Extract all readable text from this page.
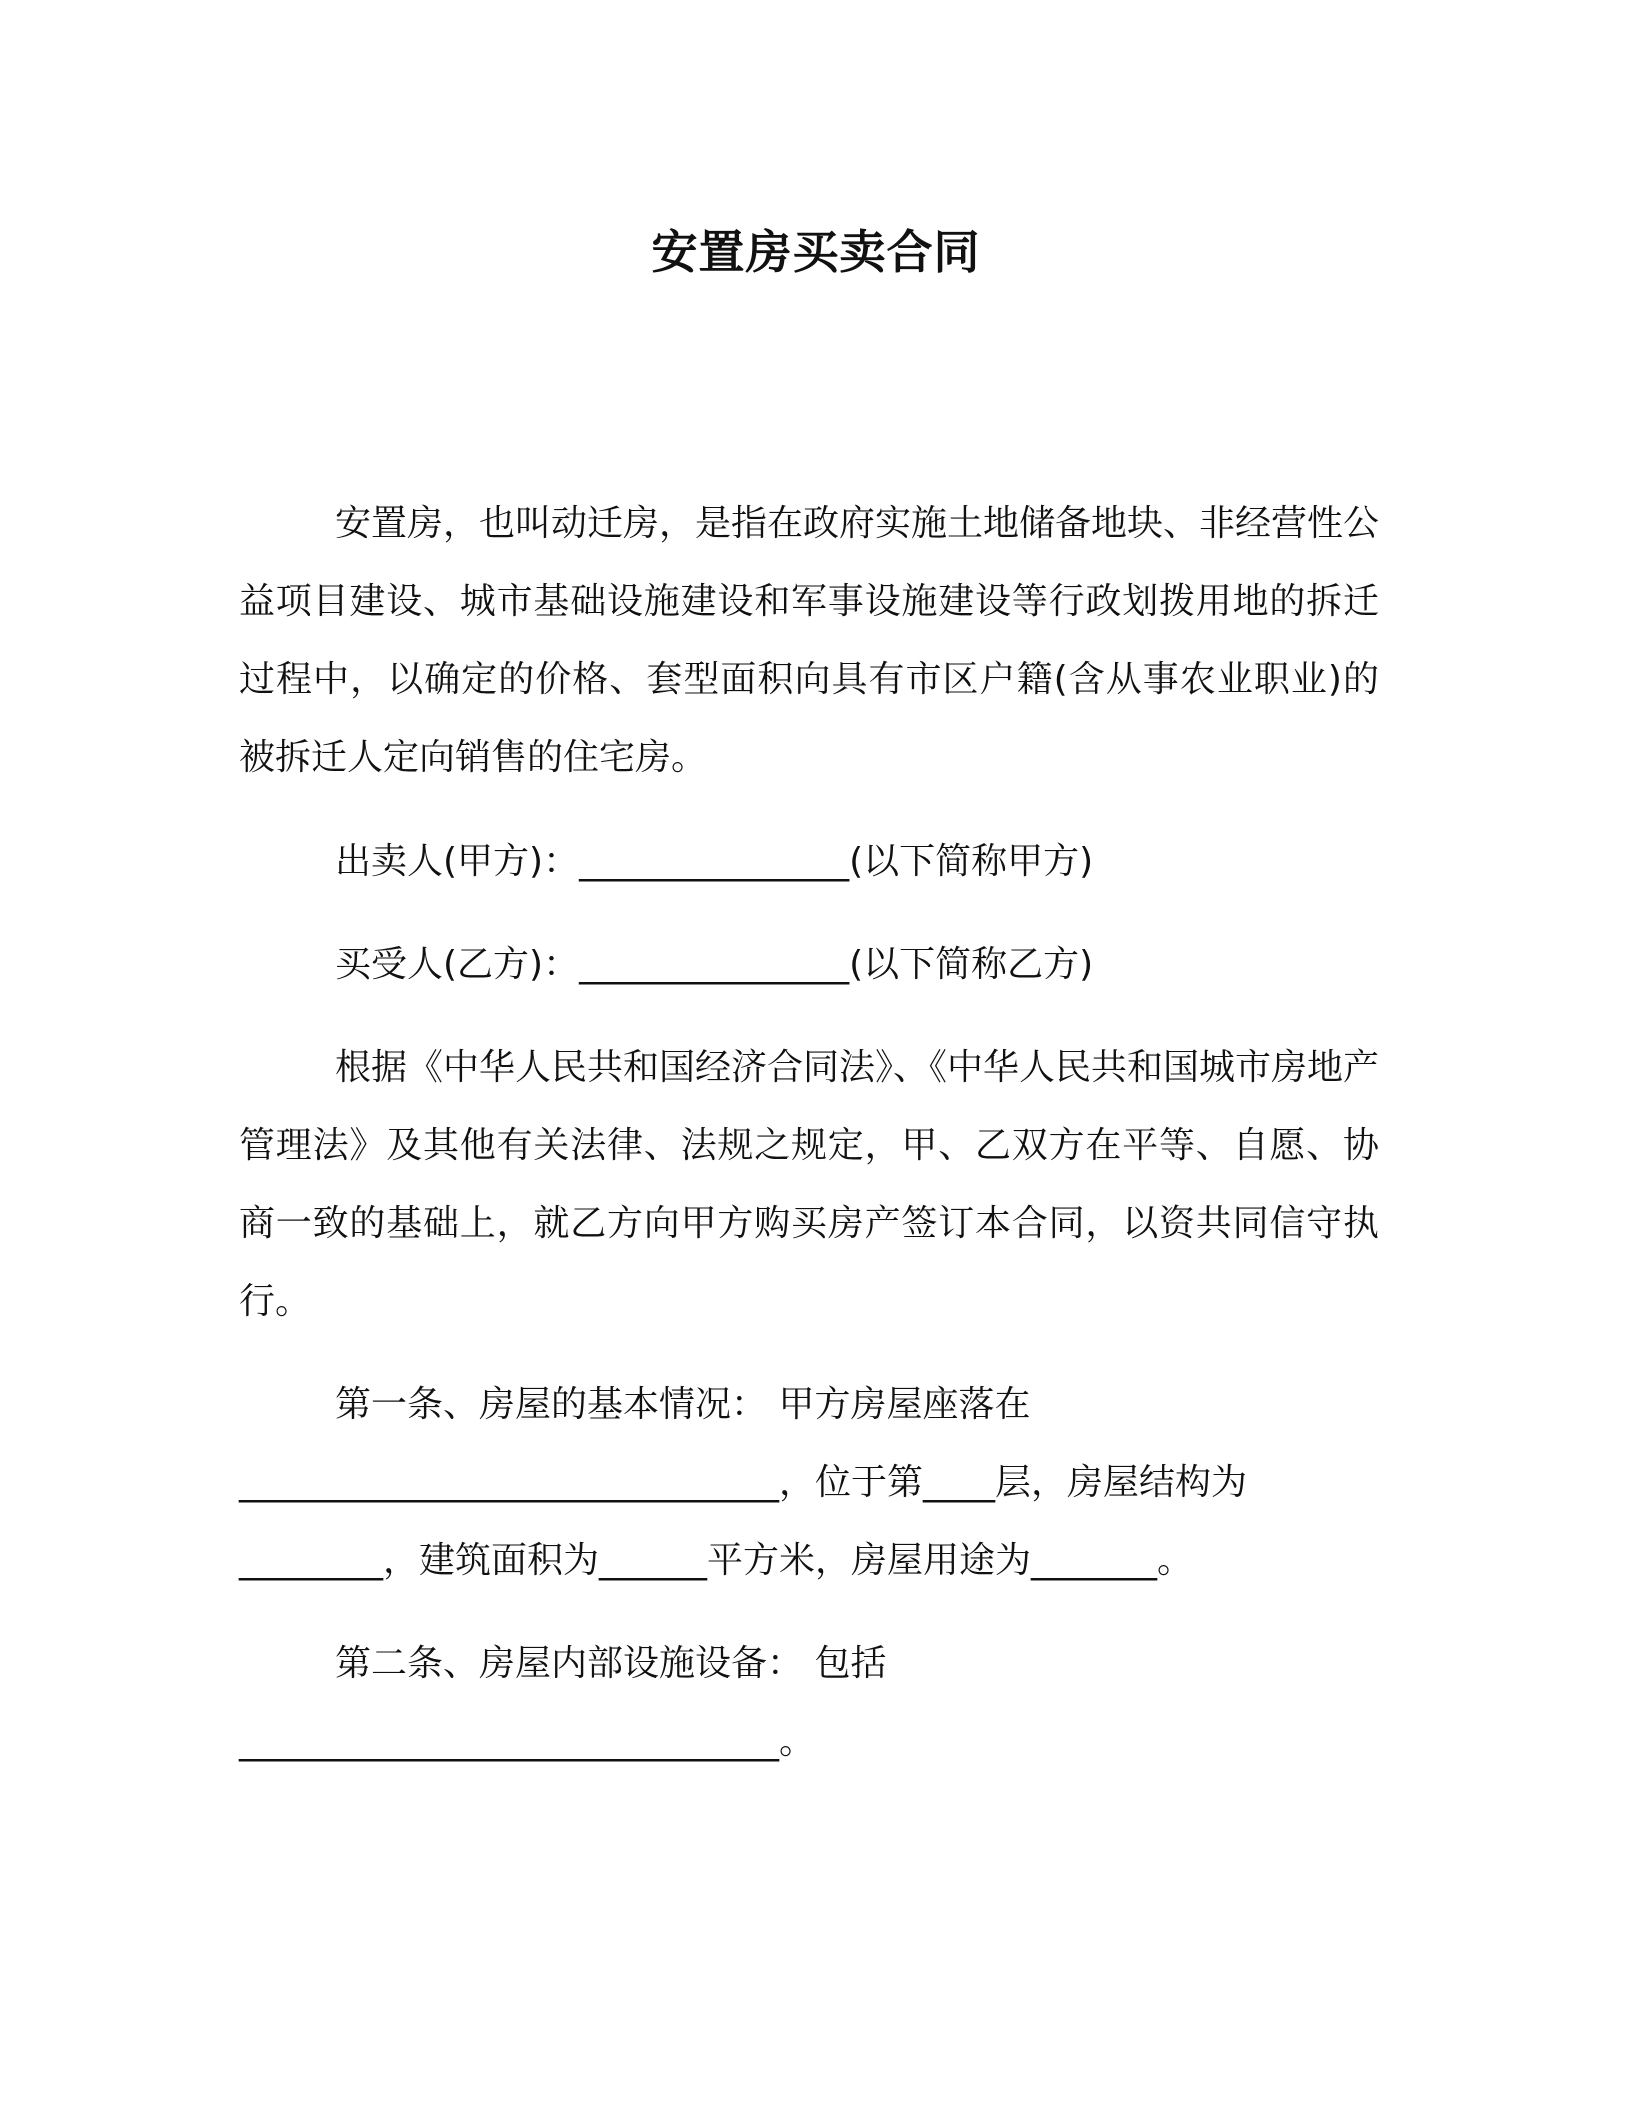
安置房买卖合同

安置房，也叫动迁房，是指在政府实施土地储备地块、非经营性公益项目建设、城市基础设施建设和军事设施建设等行政划拨用地的拆迁过程中，以确定的价格、套型面积向具有市区户籍(含从事农业职业)的被拆迁人定向销售的住宅房。

出卖人(甲方)：_______________(以下简称甲方)

买受人(乙方)：_______________(以下简称乙方)

根据《中华人民共和国经济合同法》、《中华人民共和国城市房地产管理法》及其他有关法律、法规之规定，甲、乙双方在平等、自愿、协商一致的基础上，就乙方向甲方购买房产签订本合同，以资共同信守执行。

第一条、房屋的基本情况： 甲方房屋座落在

______________________________，位于第____层，房屋结构为

________，建筑面积为______平方米，房屋用途为_______。

第二条、房屋内部设施设备： 包括

______________________________。
